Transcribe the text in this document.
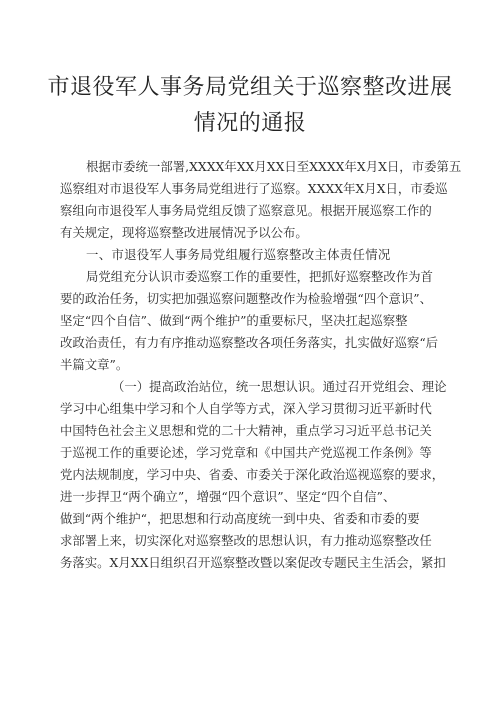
市退役军人事务局党组关于巡察整改进展
情况的通报
根据市委统一部署,XXXX年XX月XX日至XXXX年X月X日，市委第五
巡察组对市退役军人事务局党组进行了巡察。XXXX年X月X日，市委巡
察组向市退役军人事务局党组反馈了巡察意见。根据开展巡察工作的
有关规定，现将巡察整改进展情况予以公布。
一、市退役军人事务局党组履行巡察整改主体责任情况
局党组充分认识市委巡察工作的重要性，把抓好巡察整改作为首
要的政治任务，切实把加强巡察问题整改作为检验增强“四个意识”、
坚定“四个自信”、做到“两个维护”的重要标尺，坚决扛起巡察整
改政治责任，有力有序推动巡察整改各项任务落实，扎实做好巡察“后
半篇文章”。
（一）提高政治站位，统一思想认识。通过召开党组会、理论
学习中心组集中学习和个人自学等方式，深入学习贯彻习近平新时代
中国特色社会主义思想和党的二十大精神，重点学习习近平总书记关
于巡视工作的重要论述，学习党章和《中国共产党巡视工作条例》等
党内法规制度，学习中央、省委、市委关于深化政治巡视巡察的要求，
进一步捍卫“两个确立”，增强“四个意识”、坚定“四个自信”、
做到“两个维护“，把思想和行动高度统一到中央、省委和市委的要
求部署上来，切实深化对巡察整改的思想认识，有力推动巡察整改任
务落实。X月XX日组织召开巡察整改暨以案促改专题民主生活会，紧扣
